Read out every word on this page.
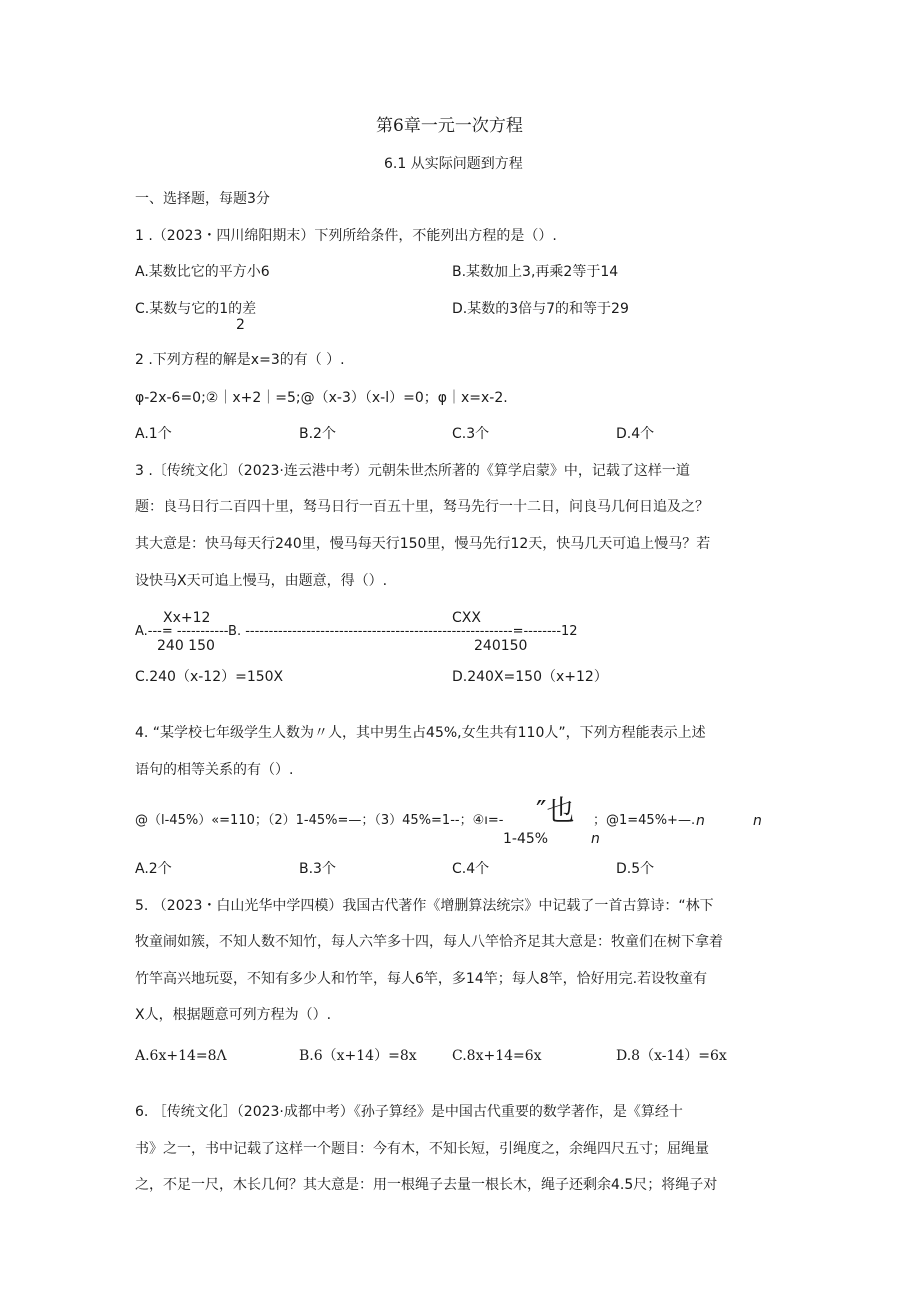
第6章一元一次方程
6.1 从实际问题到方程
一、选择题，每题3分
1 .（2023・四川绵阳期末）下列所给条件，不能列出方程的是（）.
A.某数比它的平方小6	B.某数加上3,再乘2等于14
C.某数与它的1的差
2
D.某数的3倍与7的和等于29
2 .下列方程的解是x=3的有（ ）.
φ-2x-6=0;②｜x+2｜=5;@（x-3）（x-l）=0；φ｜x=x-2.
A.1个	B.2个	C.3个	D.4个
3 .〔传统文化〕（2023·连云港中考）元朝朱世杰所著的《算学启蒙》中，记载了这样一道
题：良马日行二百四十里，驽马日行一百五十里，驽马先行一十二日，问良马几何日追及之？
其大意是：快马每天行240里，慢马每天行150里，慢马先行12天，快马几天可追上慢马？若
设快马X天可追上慢马，由题意，得（）.
Xx+12	CXX
A.---= -----------B. ---------------------------------------------------------=--------12
240 150	240150
C.240（x-12）=150X	D.240X=150（x+12）
4. “某学校七年级学生人数为〃人，其中男生占45%,女生共有110人”，下列方程能表示上述
语句的相等关系的有（）.
@（l-45%）«=110；（2）1-45%=—；（3）45%=1--；④ı=- ″也 ；@1=45%+—. n	n
1-45%	n
A.2个	B.3个	C.4个	D.5个
5. （2023・白山光华中学四模）我国古代著作《增删算法统宗》中记载了一首古算诗：“林下
牧童闹如簇，不知人数不知竹，每人六竿多十四，每人八竿恰齐足其大意是：牧童们在树下拿着
竹竿高兴地玩耍，不知有多少人和竹竿，每人6竿，多14竿；每人8竿，恰好用完.若设牧童有
X人，根据题意可列方程为（）.
A.6x+14=8Λ	B.6（x+14）=8x	C.8x+14=6x	D.8（x-14）=6x
6. ［传统文化］（2023·成都中考）《孙子算经》是中国古代重要的数学著作，是《算经十
书》之一，书中记载了这样一个题目：今有木，不知长短，引绳度之，余绳四尺五寸；屈绳量
之，不足一尺，木长几何？其大意是：用一根绳子去量一根长木，绳子还剩余4.5尺；将绳子对
